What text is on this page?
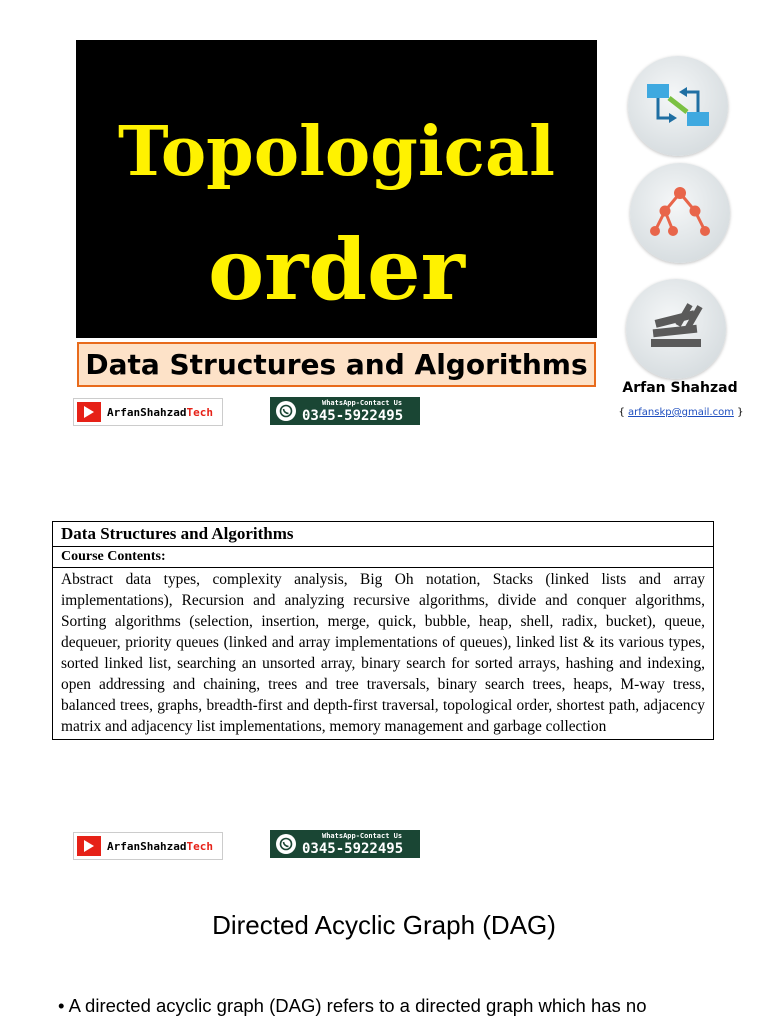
Topological
order
Data Structures and Algorithms
ArfanShahzad Tech
WhatsApp-Contact Us
0345-5922495
Arfan Shahzad
{ arfanskp@gmail.com }
Data Structures and Algorithms
Course Contents:
Abstract data types, complexity analysis, Big Oh notation, Stacks (linked lists and array implementations), Recursion and analyzing recursive algorithms, divide and conquer algorithms, Sorting algorithms (selection, insertion, merge, quick, bubble, heap, shell, radix, bucket), queue, dequeuer, priority queues (linked and array implementations of queues), linked list & its various types, sorted linked list, searching an unsorted array, binary search for sorted arrays, hashing and indexing, open addressing and chaining, trees and tree traversals, binary search trees, heaps, M-way tress, balanced trees, graphs, breadth-first and depth-first traversal, topological order, shortest path, adjacency matrix and adjacency list implementations, memory management and garbage collection
ArfanShahzad Tech
WhatsApp-Contact Us
0345-5922495
Directed Acyclic Graph (DAG)
• A directed acyclic graph (DAG) refers to a directed graph which has no
